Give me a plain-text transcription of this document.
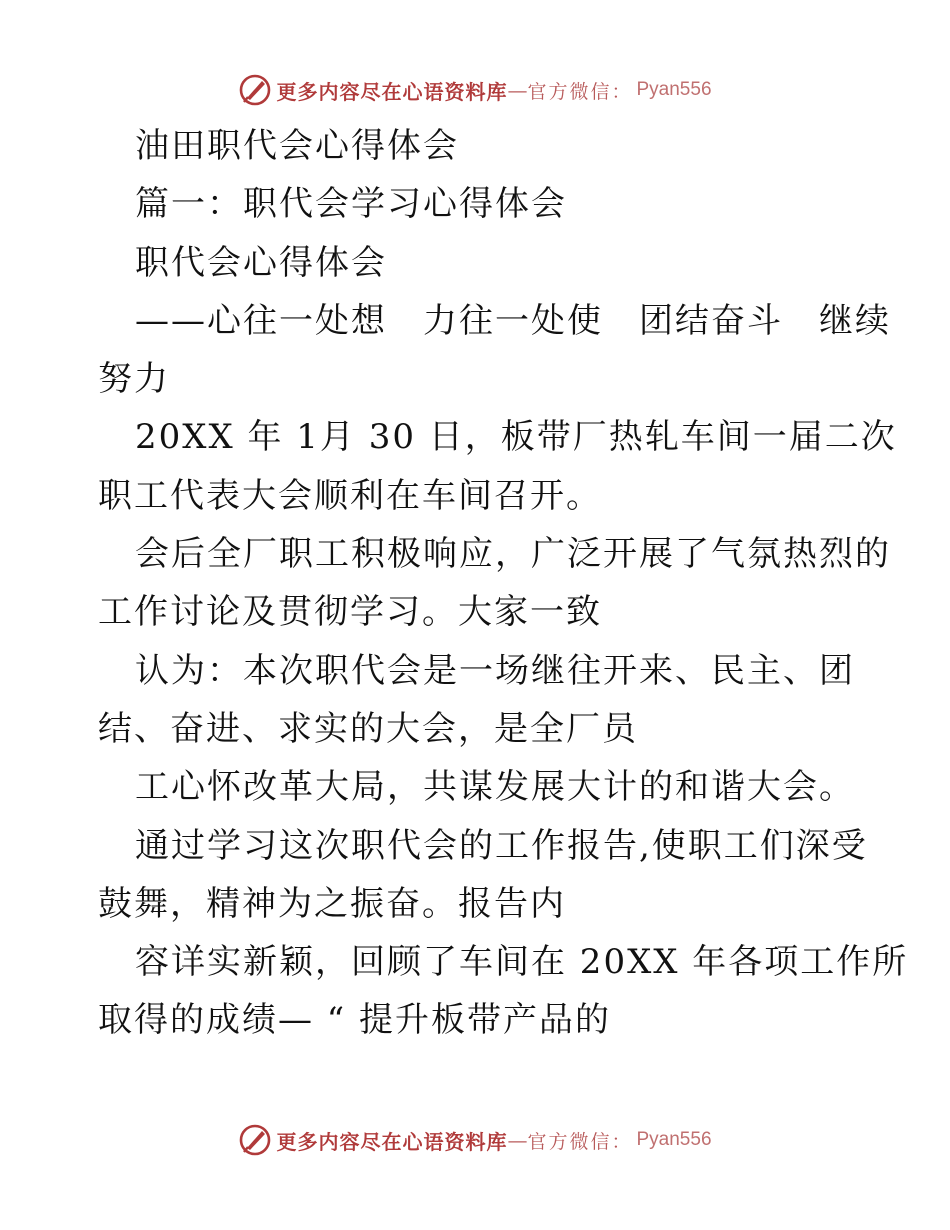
更多内容尽在心语资料库 — 官方微信： Pyan556
油田职代会心得体会
篇一：职代会学习心得体会
职代会心得体会
——心往一处想　力往一处使　团结奋斗　继续
努力
20XX 年 1月 30 日，板带厂热轧车间一届二次
职工代表大会顺利在车间召开。
会后全厂职工积极响应，广泛开展了气氛热烈的
工作讨论及贯彻学习。大家一致
认为：本次职代会是一场继往开来、民主、团
结、奋进、求实的大会，是全厂员
工心怀改革大局，共谋发展大计的和谐大会。
通过学习这次职代会的工作报告,使职工们深受
鼓舞，精神为之振奋。报告内
容详实新颖，回顾了车间在 20XX 年各项工作所
取得的成绩— “ 提升板带产品的
更多内容尽在心语资料库 — 官方微信： Pyan556
